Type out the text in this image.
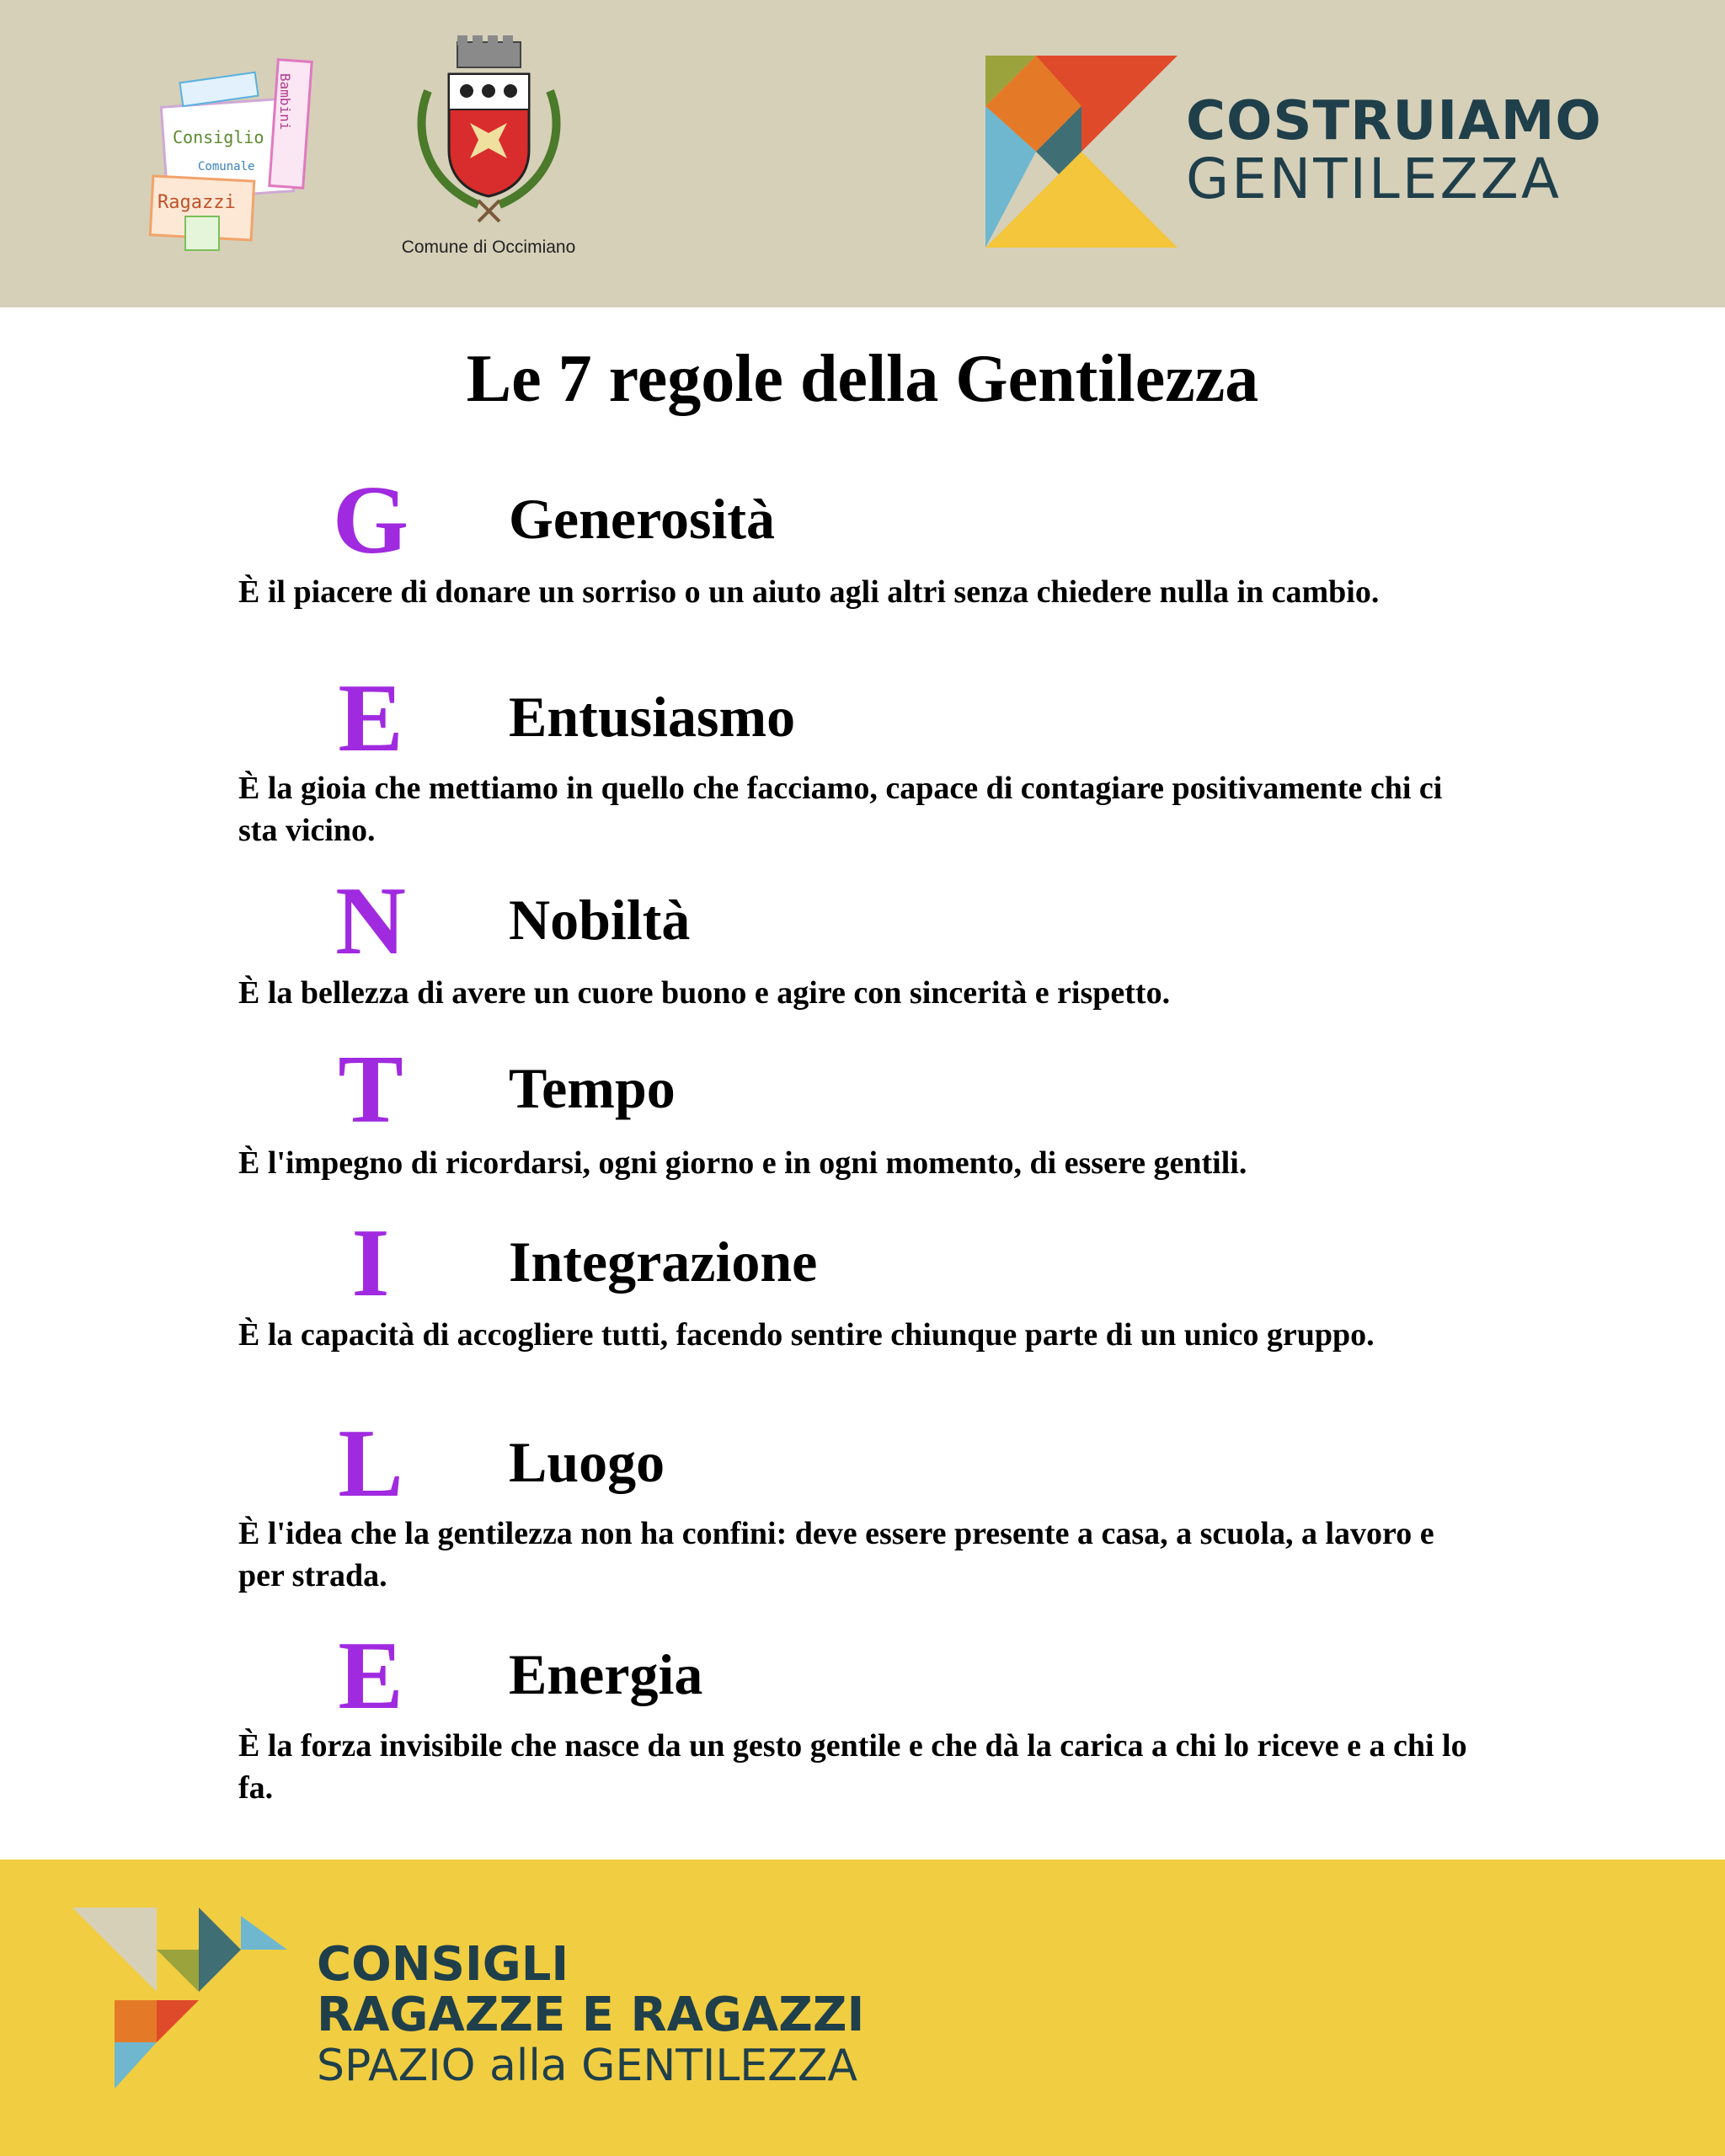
Consiglio
Bambini
Comunale
Ragazzi
Comune di Occimiano
COSTRUIAMO
GENTILEZZA
Le 7 regole della Gentilezza
G Generosità
È il piacere di donare un sorriso o un aiuto agli altri senza chiedere nulla in cambio.
E	Entusiasmo
È la gioia che mettiamo in quello che facciamo, capace di contagiare positivamente chi ci sta vicino.
N Nobiltà
È la bellezza di avere un cuore buono e agire con sincerità e rispetto.
T	Tempo
È l'impegno di ricordarsi, ogni giorno e in ogni momento, di essere gentili.
I	Integrazione
È la capacità di accogliere tutti, facendo sentire chiunque parte di un unico gruppo.
L	Luogo
È l'idea che la gentilezza non ha confini: deve essere presente a casa, a scuola, a lavoro e per strada.
E	Energia
È la forza invisibile che nasce da un gesto gentile e che dà la carica a chi lo riceve e a chi lo fa.
CONSIGLI
RAGAZZE E RAGAZZI
SPAZIO alla GENTILEZZA
